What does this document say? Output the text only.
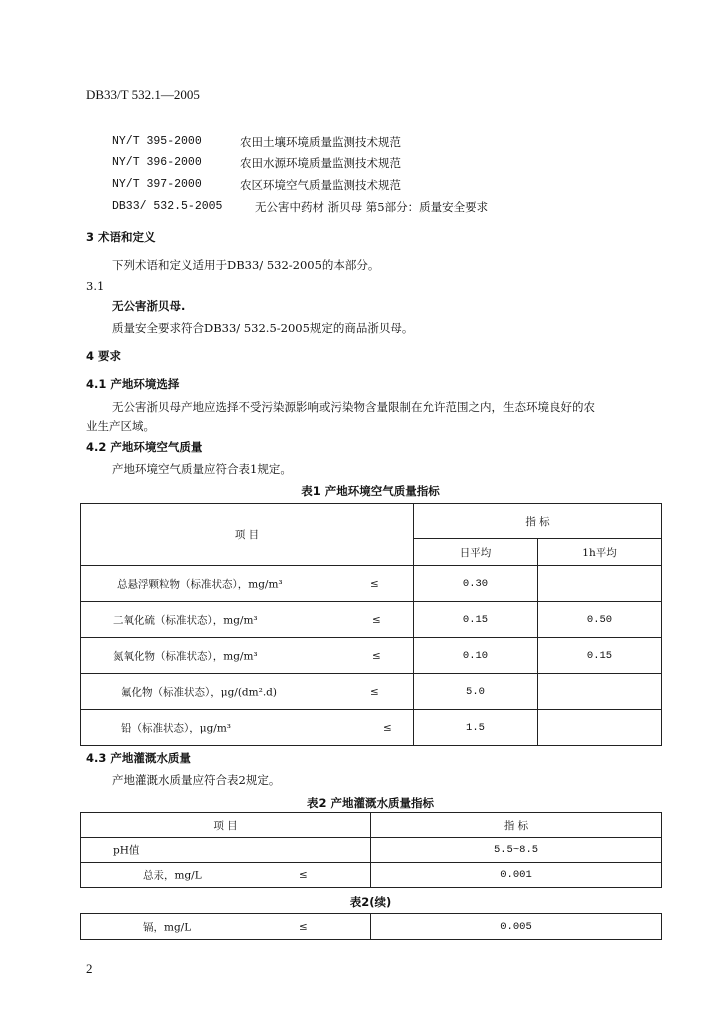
DB33/T 532.1—2005
NY/T 395-2000	农田土壤环境质量监测技术规范
NY/T 396-2000	农田水源环境质量监测技术规范
NY/T 397-2000	农区环境空气质量监测技术规范
DB33/ 532.5-2005	无公害中药材 浙贝母 第5部分：质量安全要求
3 术语和定义
下列术语和定义适用于DB33/ 532-2005的本部分。
3.1
无公害浙贝母.
质量安全要求符合DB33/ 532.5-2005规定的商品浙贝母。
4 要求
4.1 产地环境选择
无公害浙贝母产地应选择不受污染源影响或污染物含量限制在允许范围之内，生态环境良好的农
业生产区域。
4.2 产地环境空气质量
产地环境空气质量应符合表1规定。
表1 产地环境空气质量指标
项 目	指 标	
	日平均	1h平均

总悬浮颗粒物（标准状态），mg/m³ ≤	0.30	

二氧化硫（标准状态），mg/m³ ≤	0.15	0.50

氮氧化物（标准状态），mg/m³ ≤	0.10	0.15

氟化物（标准状态），μg/(dm².d) ≤	5.0	

铅（标准状态），μg/m³ ≤	1.5	
4.3 产地灌溉水质量
产地灌溉水质量应符合表2规定。
表2 产地灌溉水质量指标
项 目	指 标

pH值	5.5~8.5

总汞，mg/L ≤	0.001
表2(续)
镉，mg/L	≤	0.005
2
